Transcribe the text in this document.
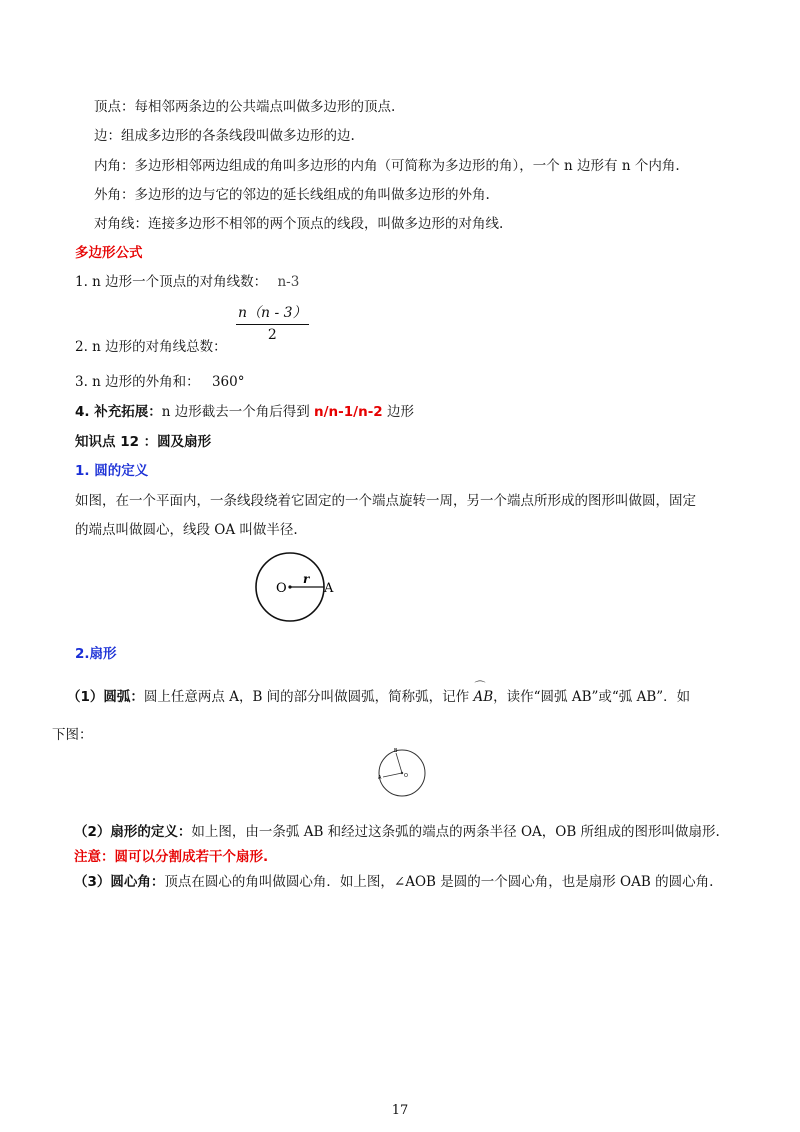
顶点：每相邻两条边的公共端点叫做多边形的顶点.
边：组成多边形的各条线段叫做多边形的边.
内角：多边形相邻两边组成的角叫多边形的内角（可简称为多边形的角），一个 n 边形有 n 个内角.
外角：多边形的边与它的邻边的延长线组成的角叫做多边形的外角.
对角线：连接多边形不相邻的两个顶点的线段，叫做多边形的对角线.
多边形公式
1. n 边形一个顶点的对角线数： n-3
$\frac{n(n - 3)}{2}$
2. n 边形的对角线总数：
3. n 边形的外角和： 360°
4. 补充拓展：n 边形截去一个角后得到 n/n-1/n-2 边形
知识点 12 ：圆及扇形
1. 圆的定义
如图，在一个平面内，一条线段绕着它固定的一个端点旋转一周，另一个端点所形成的图形叫做圆，固定
的端点叫做圆心，线段 OA 叫做半径.
O
r
A
2.扇形
（1）圆弧：圆上任意两点 A，B 间的部分叫做圆弧，简称弧，记作 ⌒ AB，读作“圆弧 AB”或“弧 AB”．如
下图：
B
A	O
（2）扇形的定义：如上图，由一条弧 AB 和经过这条弧的端点的两条半径 OA，OB 所组成的图形叫做扇形.
注意：圆可以分割成若干个扇形.
（3）圆心角：顶点在圆心的角叫做圆心角．如上图，∠AOB 是圆的一个圆心角，也是扇形 OAB 的圆心角.
17
